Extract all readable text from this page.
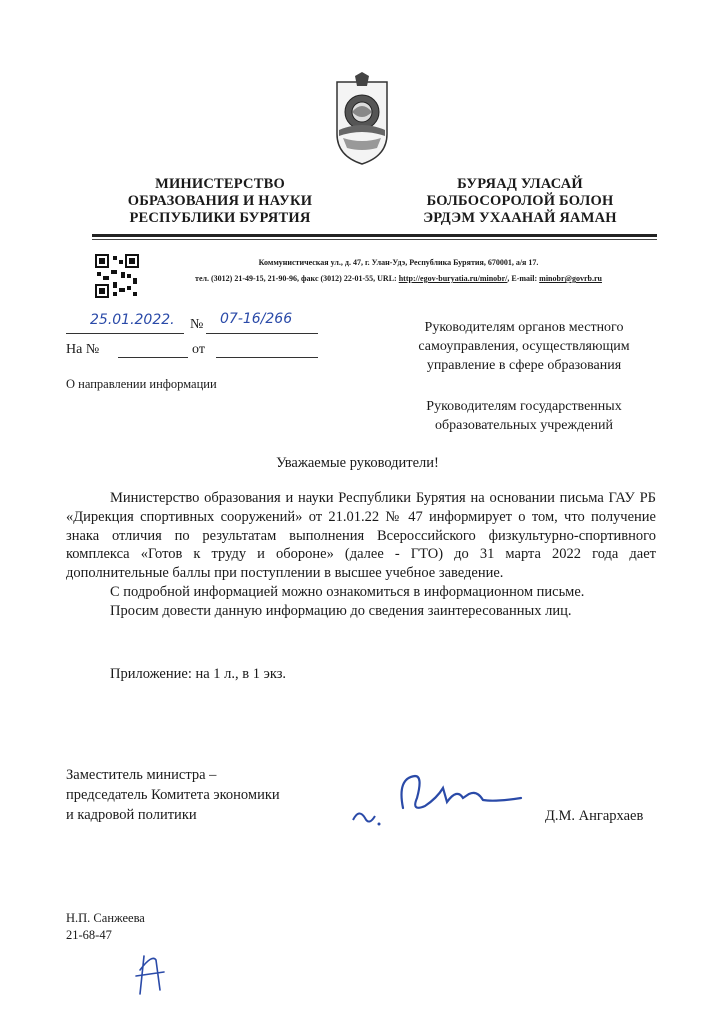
МИНИСТЕРСТВО
ОБРАЗОВАНИЯ И НАУКИ
РЕСПУБЛИКИ БУРЯТИЯ
БУРЯАД УЛАСАЙ
БОЛБОСОРОЛОЙ БОЛОН
ЭРДЭМ УХААНАЙ ЯАМАН
Коммунистическая ул., д. 47, г. Улан-Удэ, Республика Бурятия, 670001, а/я 17.
тел. (3012) 21-49-15, 21-90-96, факс (3012) 22-01-55, URL: http://egov-buryatia.ru/minobr/, E-mail: minobr@govrb.ru
25.01.2022. № 07-16/266
На №	от
О направлении информации
Руководителям органов местного
самоуправления, осуществляющим
управление в сфере образования
Руководителям государственных
образовательных учреждений
Уважаемые руководители!

Министерство образования и науки Республики Бурятия на основании письма ГАУ РБ «Дирекция спортивных сооружений» от 21.01.22 № 47 информирует о том, что получение знака отличия по результатам выполнения Всероссийского физкультурно-спортивного комплекса «Готов к труду и обороне» (далее - ГТО) до 31 марта 2022 года дает дополнительные баллы при поступлении в высшее учебное заведение.

С подробной информацией можно ознакомиться в информационном письме.

Просим довести данную информацию до сведения заинтересованных лиц.

Приложение: на 1 л., в 1 экз.
Заместитель министра –
председатель Комитета экономики
и кадровой политики	Д.М. Ангархаев
Н.П. Санжеева
21-68-47
